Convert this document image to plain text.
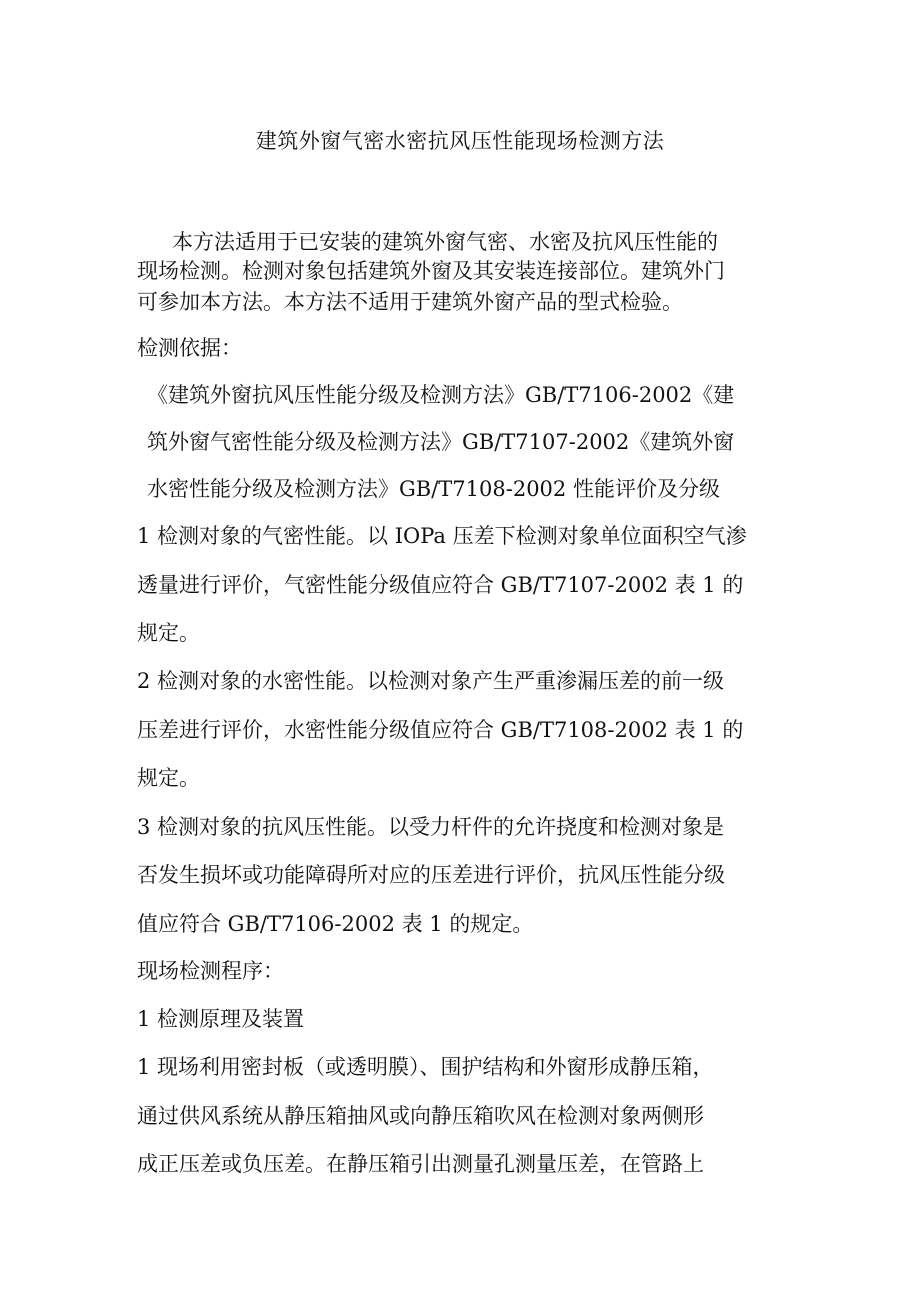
建筑外窗气密水密抗风压性能现场检测方法
本方法适用于已安装的建筑外窗气密、水密及抗风压性能的
现场检测。检测对象包括建筑外窗及其安装连接部位。建筑外门
可参加本方法。本方法不适用于建筑外窗产品的型式检验。
检测依据：
《建筑外窗抗风压性能分级及检测方法》GB/T7106-2002《建
筑外窗气密性能分级及检测方法》GB/T7107-2002《建筑外窗
水密性能分级及检测方法》GB/T7108-2002 性能评价及分级
1 检测对象的气密性能。以 IOPa 压差下检测对象单位面积空气渗
透量进行评价，气密性能分级值应符合 GB/T7107-2002 表 1 的
规定。
2 检测对象的水密性能。以检测对象产生严重渗漏压差的前一级
压差进行评价，水密性能分级值应符合 GB/T7108-2002 表 1 的
规定。
3 检测对象的抗风压性能。以受力杆件的允许挠度和检测对象是
否发生损坏或功能障碍所对应的压差进行评价，抗风压性能分级
值应符合 GB/T7106-2002 表 1 的规定。
现场检测程序：
1 检测原理及装置
1 现场利用密封板（或透明膜）、围护结构和外窗形成静压箱，
通过供风系统从静压箱抽风或向静压箱吹风在检测对象两侧形
成正压差或负压差。在静压箱引出测量孔测量压差，在管路上
